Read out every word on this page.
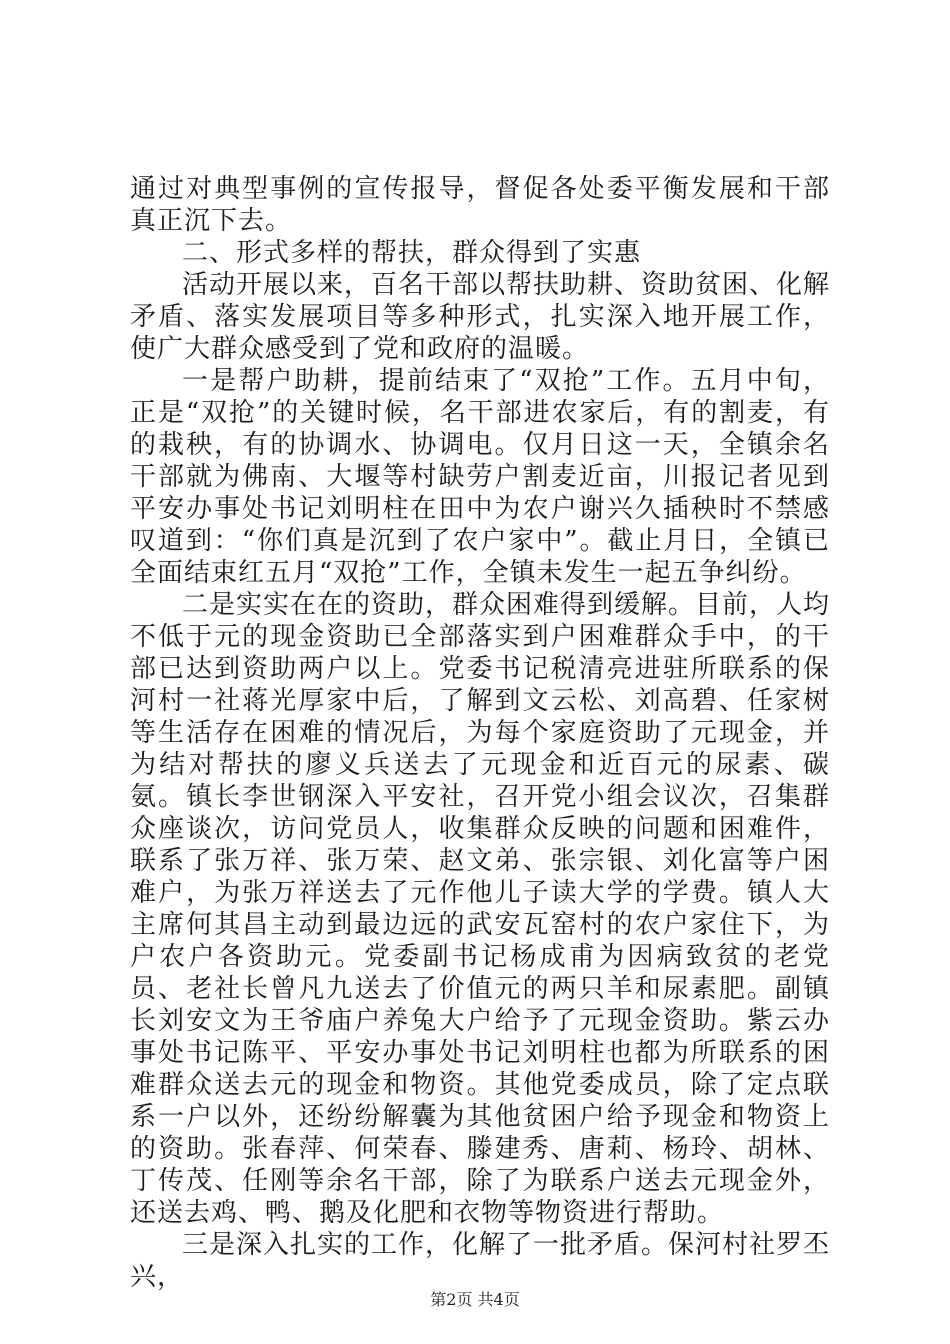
通过对典型事例的宣传报导，督促各处委平衡发展和干部真正沉下去。

二、形式多样的帮扶，群众得到了实惠

活动开展以来，百名干部以帮扶助耕、资助贫困、化解矛盾、落实发展项目等多种形式，扎实深入地开展工作，使广大群众感受到了党和政府的温暖。

一是帮户助耕，提前结束了“双抢”工作。五月中旬，正是“双抢”的关键时候，名干部进农家后，有的割麦，有的栽秧，有的协调水、协调电。仅月日这一天，全镇余名干部就为佛南、大堰等村缺劳户割麦近亩，川报记者见到平安办事处书记刘明柱在田中为农户谢兴久插秧时不禁感叹道到：“你们真是沉到了农户家中”。截止月日，全镇已全面结束红五月“双抢”工作，全镇未发生一起五争纠纷。

二是实实在在的资助，群众困难得到缓解。目前，人均不低于元的现金资助已全部落实到户困难群众手中，的干部已达到资助两户以上。党委书记税清亮进驻所联系的保河村一社蒋光厚家中后，了解到文云松、刘高碧、任家树等生活存在困难的情况后，为每个家庭资助了元现金，并为结对帮扶的廖义兵送去了元现金和近百元的尿素、碳氨。镇长李世钢深入平安社，召开党小组会议次，召集群众座谈次，访问党员人，收集群众反映的问题和困难件，联系了张万祥、张万荣、赵文弟、张宗银、刘化富等户困难户，为张万祥送去了元作他儿子读大学的学费。镇人大主席何其昌主动到最边远的武安瓦窑村的农户家住下，为户农户各资助元。党委副书记杨成甫为因病致贫的老党员、老社长曾凡九送去了价值元的两只羊和尿素肥。副镇长刘安文为王爷庙户养兔大户给予了元现金资助。紫云办事处书记陈平、平安办事处书记刘明柱也都为所联系的困难群众送去元的现金和物资。其他党委成员，除了定点联系一户以外，还纷纷解囊为其他贫困户给予现金和物资上的资助。张春萍、何荣春、滕建秀、唐莉、杨玲、胡林、丁传茂、任刚等余名干部，除了为联系户送去元现金外，还送去鸡、鸭、鹅及化肥和衣物等物资进行帮助。

三是深入扎实的工作，化解了一批矛盾。保河村社罗丕兴，

第2页 共4页
